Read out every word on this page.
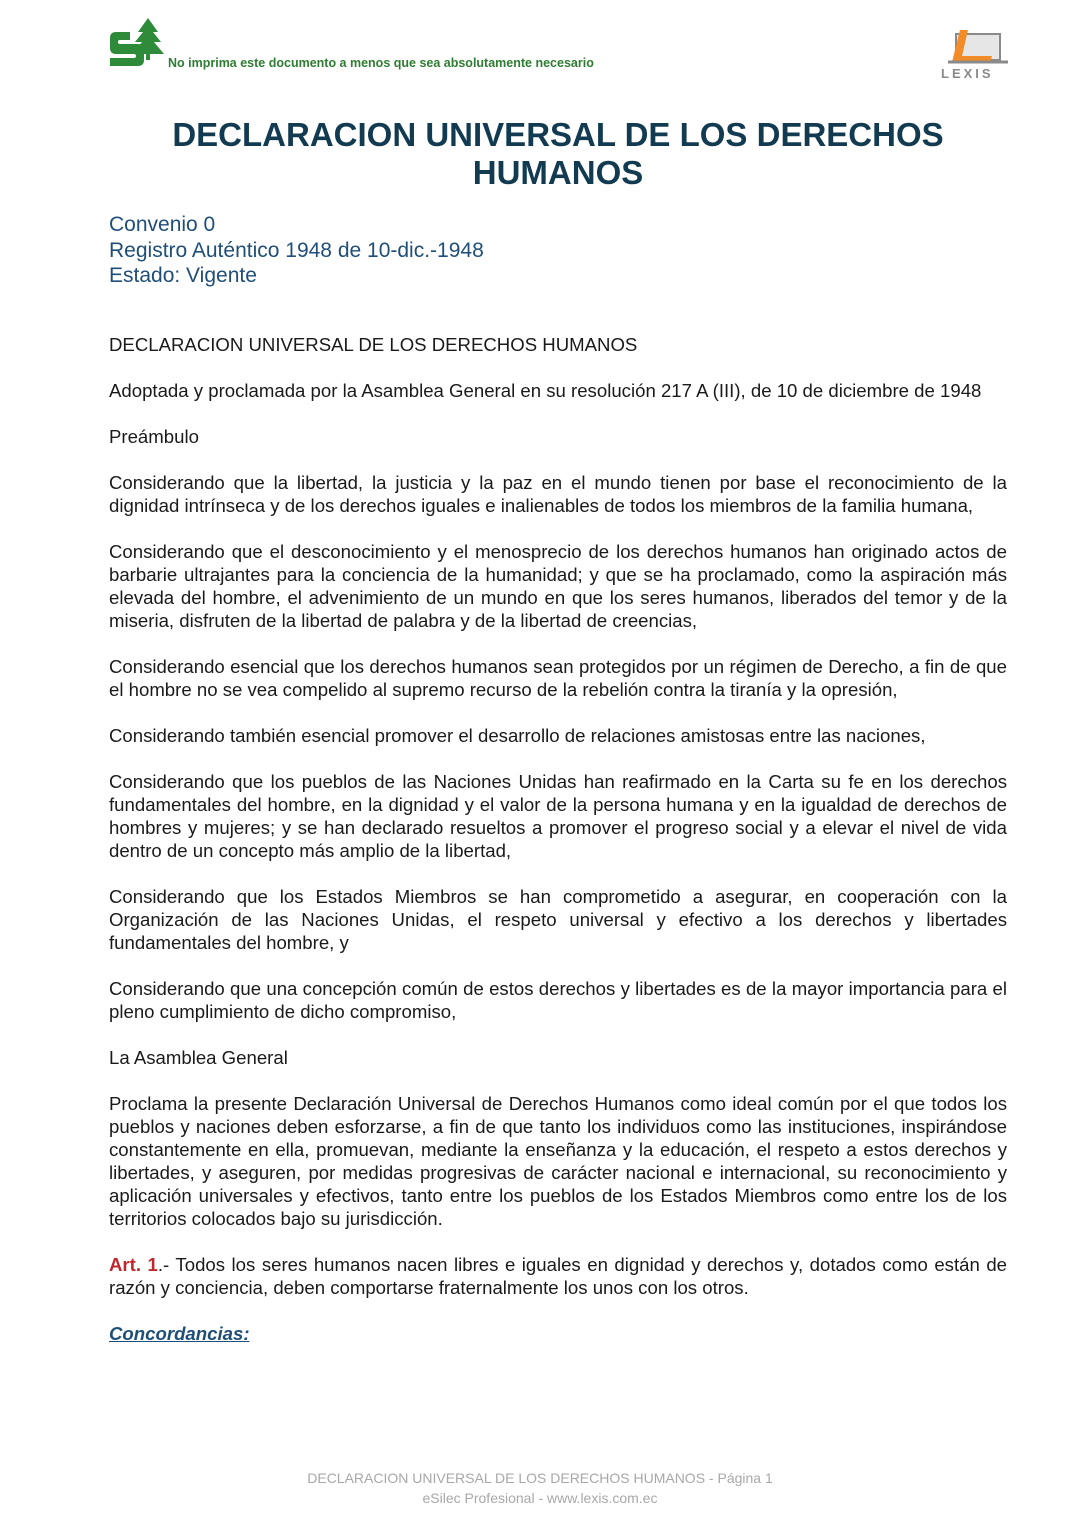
No imprima este documento a menos que sea absolutamente necesario
LEXIS
DECLARACION UNIVERSAL DE LOS DERECHOS HUMANOS
Convenio 0
Registro Auténtico 1948 de 10-dic.-1948
Estado: Vigente

DECLARACION UNIVERSAL DE LOS DERECHOS HUMANOS

Adoptada y proclamada por la Asamblea General en su resolución 217 A (III), de 10 de diciembre de 1948

Preámbulo

Considerando que la libertad, la justicia y la paz en el mundo tienen por base el reconocimiento de la dignidad intrínseca y de los derechos iguales e inalienables de todos los miembros de la familia humana,

Considerando que el desconocimiento y el menosprecio de los derechos humanos han originado actos de barbarie ultrajantes para la conciencia de la humanidad; y que se ha proclamado, como la aspiración más elevada del hombre, el advenimiento de un mundo en que los seres humanos, liberados del temor y de la miseria, disfruten de la libertad de palabra y de la libertad de creencias,

Considerando esencial que los derechos humanos sean protegidos por un régimen de Derecho, a fin de que el hombre no se vea compelido al supremo recurso de la rebelión contra la tiranía y la opresión,

Considerando también esencial promover el desarrollo de relaciones amistosas entre las naciones,

Considerando que los pueblos de las Naciones Unidas han reafirmado en la Carta su fe en los derechos fundamentales del hombre, en la dignidad y el valor de la persona humana y en la igualdad de derechos de hombres y mujeres; y se han declarado resueltos a promover el progreso social y a elevar el nivel de vida dentro de un concepto más amplio de la libertad,

Considerando que los Estados Miembros se han comprometido a asegurar, en cooperación con la Organización de las Naciones Unidas, el respeto universal y efectivo a los derechos y libertades fundamentales del hombre, y

Considerando que una concepción común de estos derechos y libertades es de la mayor importancia para el pleno cumplimiento de dicho compromiso,

La Asamblea General

Proclama la presente Declaración Universal de Derechos Humanos como ideal común por el que todos los pueblos y naciones deben esforzarse, a fin de que tanto los individuos como las instituciones, inspirándose constantemente en ella, promuevan, mediante la enseñanza y la educación, el respeto a estos derechos y libertades, y aseguren, por medidas progresivas de carácter nacional e internacional, su reconocimiento y aplicación universales y efectivos, tanto entre los pueblos de los Estados Miembros como entre los de los territorios colocados bajo su jurisdicción.

Art. 1.- Todos los seres humanos nacen libres e iguales en dignidad y derechos y, dotados como están de razón y conciencia, deben comportarse fraternalmente los unos con los otros.

Concordancias:

DECLARACION UNIVERSAL DE LOS DERECHOS HUMANOS - Página 1
eSilec Profesional - www.lexis.com.ec
